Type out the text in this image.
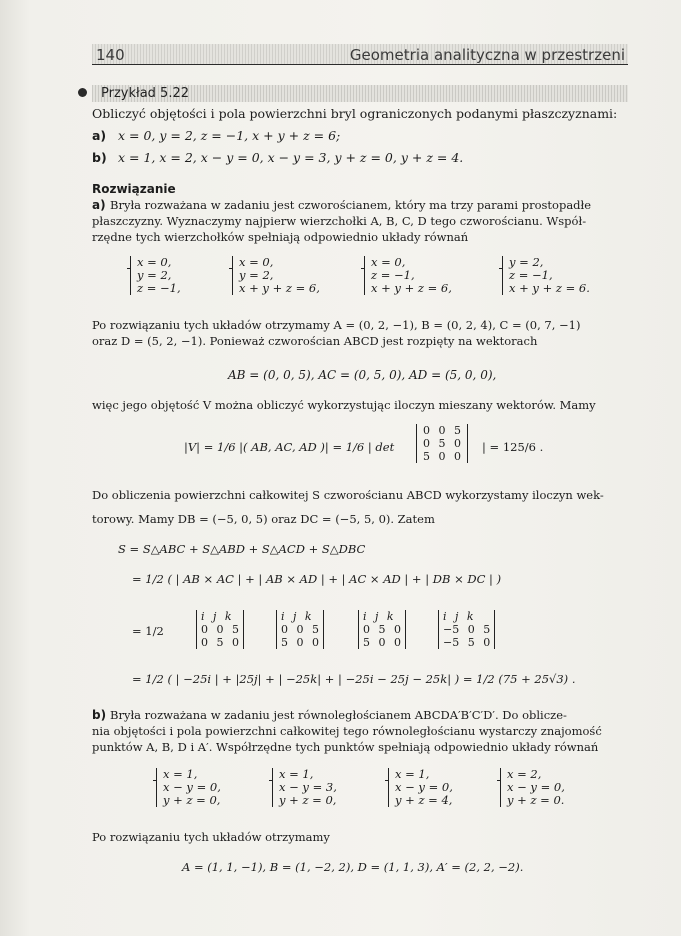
140	Geometria analityczna w przestrzeni
Przykład 5.22
Obliczyć objętości i pola powierzchni bryl ograniczonych podanymi płaszczyznami:
a) x = 0, y = 2, z = −1, x + y + z = 6;
b) x = 1, x = 2, x − y = 0, x − y = 3, y + z = 0, y + z = 4.
Rozwiązanie
a) Bryła rozważana w zadaniu jest czworościanem, który ma trzy parami prostopadłe
płaszczyzny. Wyznaczymy najpierw wierzchołki A, B, C, D tego czworościanu. Współ-
rzędne tych wierzchołków spełniają odpowiednio układy równań
x = 0,
y = 2,
z = −1,
x = 0,
y = 2,
x + y + z = 6,
x = 0,
z = −1,
x + y + z = 6,
y = 2,
z = −1,
x + y + z = 6.
Po rozwiązaniu tych układów otrzymamy A = (0, 2, −1), B = (0, 2, 4), C = (0, 7, −1)
oraz D = (5, 2, −1). Ponieważ czworościan ABCD jest rozpięty na wektorach
AB = (0, 0, 5), AC = (0, 5, 0), AD = (5, 0, 0),
więc jego objętość V można obliczyć wykorzystując iloczyn mieszany wektorów. Mamy
|V| = 1/6 |( AB, AC, AD )| = 1/6 | det
0 0 5
0 5 0
5 0 0
| = 125/6 .
Do obliczenia powierzchni całkowitej S czworościanu ABCD wykorzystamy iloczyn wek-
torowy. Mamy DB = (−5, 0, 5) oraz DC = (−5, 5, 0). Zatem
S = S△ABC + S△ABD + S△ACD + S△DBC
= 1/2 ( | AB × AC | + | AB × AD | + | AC × AD | + | DB × DC | )
= 1/2
i j k
0 0 5
0 5 0
i j k
0 0 5
5 0 0
i j k
0 5 0
5 0 0
i j k
−5 0 5
−5 5 0
= 1/2 ( | −25i | + |25j| + | −25k| + | −25i − 25j − 25k| ) = 1/2 (75 + 25√3) .
b) Bryła rozważana w zadaniu jest równoległościanem ABCDA′B′C′D′. Do oblicze-
nia objętości i pola powierzchni całkowitej tego równoległościanu wystarczy znajomość
punktów A, B, D i A′. Współrzędne tych punktów spełniają odpowiednio układy równań
x = 1,
x − y = 0,
y + z = 0,
x = 1,
x − y = 3,
y + z = 0,
x = 1,
x − y = 0,
y + z = 4,
x = 2,
x − y = 0,
y + z = 0.
Po rozwiązaniu tych układów otrzymamy
A = (1, 1, −1), B = (1, −2, 2), D = (1, 1, 3), A′ = (2, 2, −2).
